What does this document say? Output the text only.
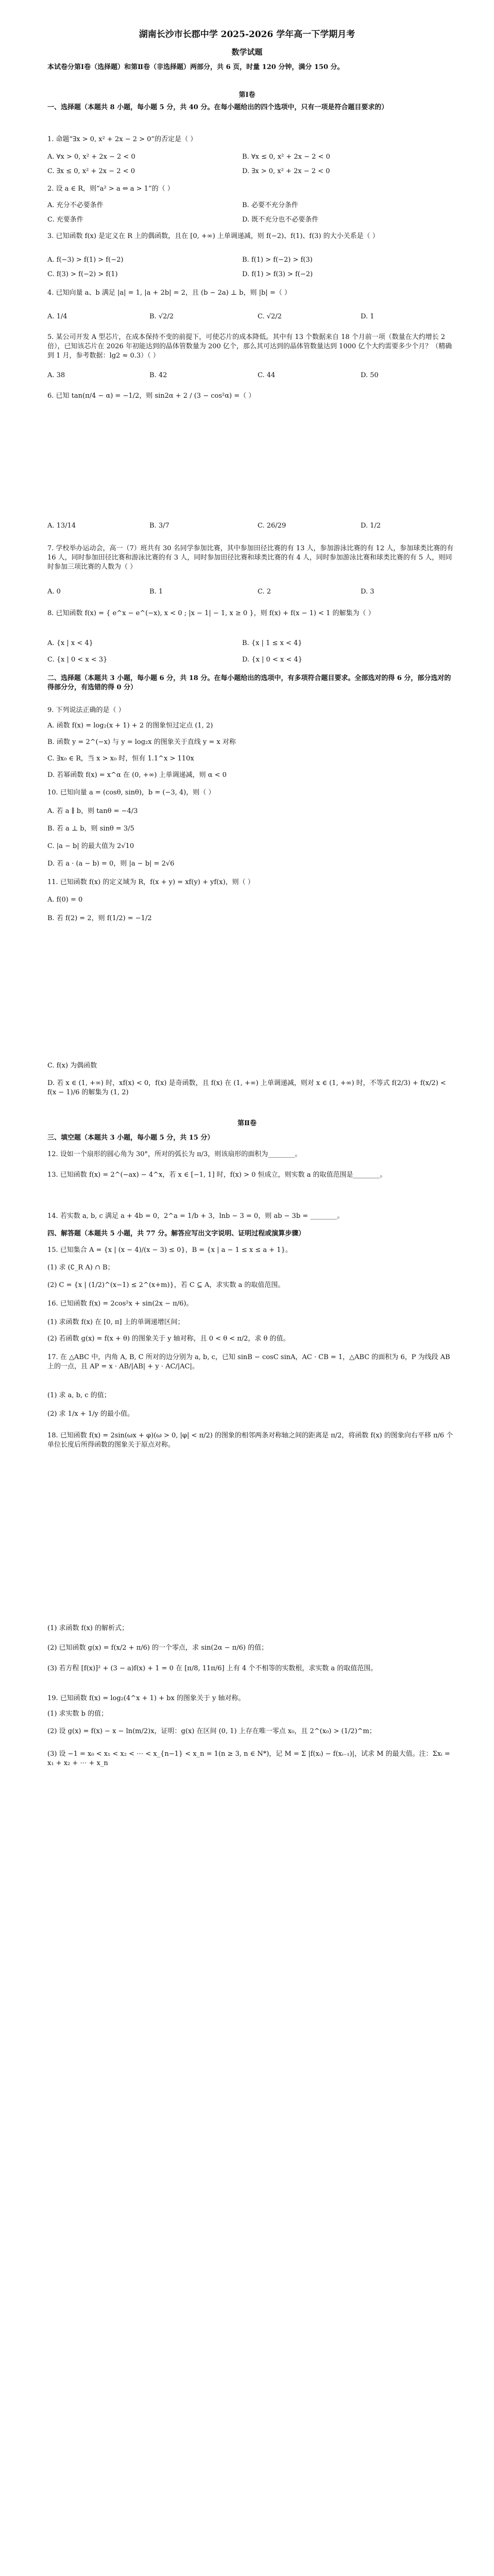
湖南长沙市长郡中学 2025-2026 学年高一下学期月考
数学试题
本试卷分第Ⅰ卷（选择题）和第Ⅱ卷（非选择题）两部分，共 6 页，时量 120 分钟，满分 150 分。
第Ⅰ卷
一、选择题（本题共 8 小题，每小题 5 分，共 40 分。在每小题给出的四个选项中，只有一项是符合题目要求的）
1. 命题“∃x > 0, x² + 2x − 2 > 0”的否定是（ ）
A. ∀x > 0, x² + 2x − 2 < 0	B. ∀x ≤ 0, x² + 2x − 2 < 0
C. ∃x ≤ 0, x² + 2x − 2 < 0	D. ∃x > 0, x² + 2x − 2 < 0
2. 设 a ∈ R，则“a² > a ⇔ a > 1”的（ ）
A. 充分不必要条件	B. 必要不充分条件
C. 充要条件	D. 既不充分也不必要条件
3. 已知函数 f(x) 是定义在 R 上的偶函数，且在 [0, +∞) 上单调递减，则 f(−2)、f(1)、f(3) 的大小关系是（ ）
A. f(−3) > f(1) > f(−2)	B. f(1) > f(−2) > f(3)
C. f(3) > f(−2) > f(1)	D. f(1) > f(3) > f(−2)
4. 已知向量 a、b 满足 |a| = 1, |a + 2b| = 2，且 (b − 2a) ⊥ b，则 |b| =（ ）
A. 1/4	B. √2/2	C. √2/2	D. 1
5. 某公司开发 A 型芯片，在成本保持不变的前提下，可使芯片的成本降低。其中有 13 个数据来自 18 个月前一项（数量在大约增长 2 倍），已知该芯片在 2026 年初能达到的晶体管数量为 200 亿个，那么其可达到的晶体管数量达到 1000 亿个大约需要多少个月？（精确到 1 月，参考数据：lg2 ≈ 0.3）（ ）
A. 38	B. 42	C. 44	D. 50
6. 已知 tan(π/4 − α) = −1/2，则 sin2α + 2 / (3 − cos²α) =（ ）
A. 13/14	B. 3/7	C. 26/29	D. 1/2
7. 学校举办运动会，高一（7）班共有 30 名同学参加比赛，其中参加田径比赛的有 13 人，参加游泳比赛的有 12 人，参加球类比赛的有 16 人，同时参加田径比赛和游泳比赛的有 3 人，同时参加田径比赛和球类比赛的有 4 人，同时参加游泳比赛和球类比赛的有 5 人，则同时参加三项比赛的人数为（ ）
A. 0	B. 1	C. 2	D. 3
8. 已知函数 f(x) = { e^x − e^(−x), x < 0 ; |x − 1| − 1, x ≥ 0 }，则 f(x) + f(x − 1) < 1 的解集为（ ）
A. {x | x < 4}	B. {x | 1 ≤ x < 4}
C. {x | 0 < x < 3}	D. {x | 0 < x < 4}
二、选择题（本题共 3 小题，每小题 6 分，共 18 分。在每小题给出的选项中，有多项符合题目要求。全部选对的得 6 分，部分选对的得部分分，有选错的得 0 分）
9. 下列说法正确的是（ ）
A. 函数 f(x) = log₂(x + 1) + 2 的图象恒过定点 (1, 2)
B. 函数 y = 2^(−x) 与 y = log₂x 的图象关于直线 y = x 对称
C. ∃x₀ ∈ R，当 x > x₀ 时，恒有 1.1^x > 110x
D. 若幂函数 f(x) = x^α 在 (0, +∞) 上单调递减，则 α < 0
10. 已知向量 a = (cosθ, sinθ)，b = (−3, 4)，则（ ）
A. 若 a ∥ b，则 tanθ = −4/3
B. 若 a ⊥ b，则 sinθ = 3/5
C. |a − b| 的最大值为 2√10
D. 若 a · (a − b) = 0，则 |a − b| = 2√6
11. 已知函数 f(x) 的定义域为 R，f(x + y) = xf(y) + yf(x)，则（ ）
A. f(0) = 0
B. 若 f(2) = 2，则 f(1/2) = −1/2
C. f(x) 为偶函数
D. 若 x ∈ (1, +∞) 时，xf(x) < 0，f(x) 是奇函数，且 f(x) 在 (1, +∞) 上单调递减，则对 x ∈ (1, +∞) 时，不等式 f(2/3) + f(x/2) < f(x − 1)/6 的解集为 (1, 2)
第Ⅱ卷
三、填空题（本题共 3 小题，每小题 5 分，共 15 分）
12. 设如一个扇形的圆心角为 30°，所对的弧长为 π/3，则该扇形的面积为________。
13. 已知函数 f(x) = 2^(−ax) − 4^x，若 x ∈ [−1, 1] 时，f(x) > 0 恒成立，则实数 a 的取值范围是________。
14. 若实数 a, b, c 满足 a + 4b = 0，2^a = 1/b + 3，lnb − 3 = 0，则 ab − 3b = ________。
四、解答题（本题共 5 小题，共 77 分。解答应写出文字说明、证明过程或演算步骤）
15. 已知集合 A = {x | (x − 4)/(x − 3) ≤ 0}，B = {x | a − 1 ≤ x ≤ a + 1}。
(1) 求 (∁_R A) ∩ B；
(2) C = {x | (1/2)^(x−1) ≤ 2^(x+m)}，若 C ⊆ A，求实数 a 的取值范围。
16. 已知函数 f(x) = 2cos²x + sin(2x − π/6)。
(1) 求函数 f(x) 在 [0, π] 上的单调递增区间；
(2) 若函数 g(x) = f(x + θ) 的图象关于 y 轴对称，且 0 < θ < π/2，求 θ 的值。
17. 在 △ABC 中，内角 A, B, C 所对的边分别为 a, b, c，已知 sinB − cosC sinA，AC · CB = 1，△ABC 的面积为 6，P 为线段 AB 上的一点，且 AP = x · AB/|AB| + y · AC/|AC|。
(1) 求 a, b, c 的值；
(2) 求 1/x + 1/y 的最小值。
18. 已知函数 f(x) = 2sin(ωx + φ)(ω > 0, |φ| < π/2) 的图象的相邻两条对称轴之间的距离是 π/2，将函数 f(x) 的图象向右平移 π/6 个单位长度后所得函数的图象关于原点对称。
(1) 求函数 f(x) 的解析式；
(2) 已知函数 g(x) = f(x/2 + π/6) 的一个零点，求 sin(2α − π/6) 的值；
(3) 若方程 [f(x)]² + (3 − a)f(x) + 1 = 0 在 [π/8, 11π/6] 上有 4 个不相等的实数根，求实数 a 的取值范围。
19. 已知函数 f(x) = log₂(4^x + 1) + bx 的图象关于 y 轴对称。
(1) 求实数 b 的值；
(2) 设 g(x) = f(x) − x − ln(m/2)x，证明：g(x) 在区间 (0, 1) 上存在唯一零点 x₀，且 2^(x₀) > (1/2)^m；
(3) 设 −1 = x₀ < x₁ < x₂ < ⋯ < x_{n−1} < x_n = 1(n ≥ 3, n ∈ N*)，记 M = Σ |f(xᵢ) − f(xᵢ₋₁)|，试求 M 的最大值。注：Σxᵢ = x₁ + x₂ + ⋯ + x_n
